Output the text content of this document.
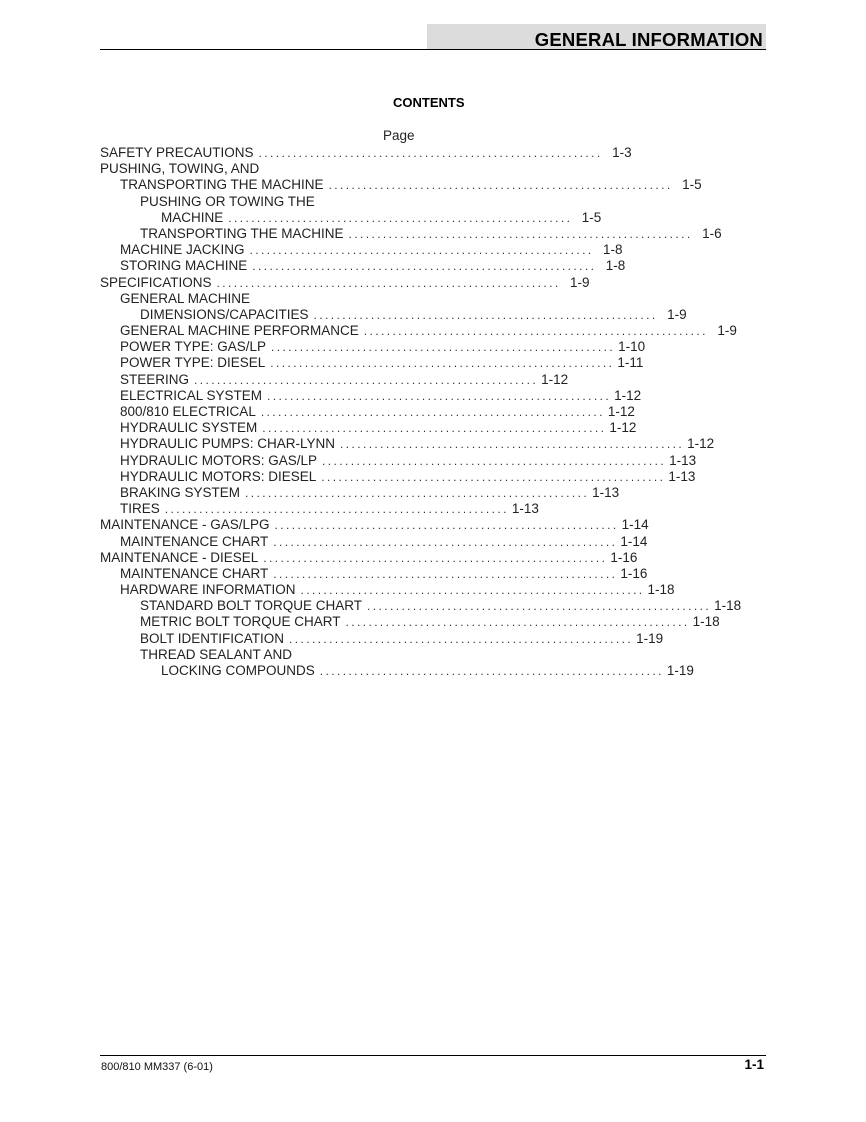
GENERAL INFORMATION
CONTENTS
Page
SAFETY PRECAUTIONS ............................................................ 1-3
PUSHING, TOWING, AND
TRANSPORTING THE MACHINE ............................................................ 1-5
PUSHING OR TOWING THE
MACHINE ............................................................ 1-5
TRANSPORTING THE MACHINE ............................................................ 1-6
MACHINE JACKING ............................................................ 1-8
STORING MACHINE ............................................................ 1-8
SPECIFICATIONS ............................................................ 1-9
GENERAL MACHINE
DIMENSIONS/CAPACITIES ............................................................ 1-9
GENERAL MACHINE PERFORMANCE ............................................................ 1-9
POWER TYPE: GAS/LP ............................................................ 1-10
POWER TYPE: DIESEL ............................................................ 1-11
STEERING ............................................................ 1-12
ELECTRICAL SYSTEM ............................................................ 1-12
800/810 ELECTRICAL ............................................................ 1-12
HYDRAULIC SYSTEM ............................................................ 1-12
HYDRAULIC PUMPS: CHAR-LYNN ............................................................ 1-12
HYDRAULIC MOTORS: GAS/LP ............................................................ 1-13
HYDRAULIC MOTORS: DIESEL ............................................................ 1-13
BRAKING SYSTEM ............................................................ 1-13
TIRES ............................................................ 1-13
MAINTENANCE - GAS/LPG ............................................................ 1-14
MAINTENANCE CHART ............................................................ 1-14
MAINTENANCE - DIESEL ............................................................ 1-16
MAINTENANCE CHART ............................................................ 1-16
HARDWARE INFORMATION ............................................................ 1-18
STANDARD BOLT TORQUE CHART ............................................................ 1-18
METRIC BOLT TORQUE CHART ............................................................ 1-18
BOLT IDENTIFICATION ............................................................ 1-19
THREAD SEALANT AND
LOCKING COMPOUNDS ............................................................ 1-19
800/810 MM337 (6-01)	1-1
